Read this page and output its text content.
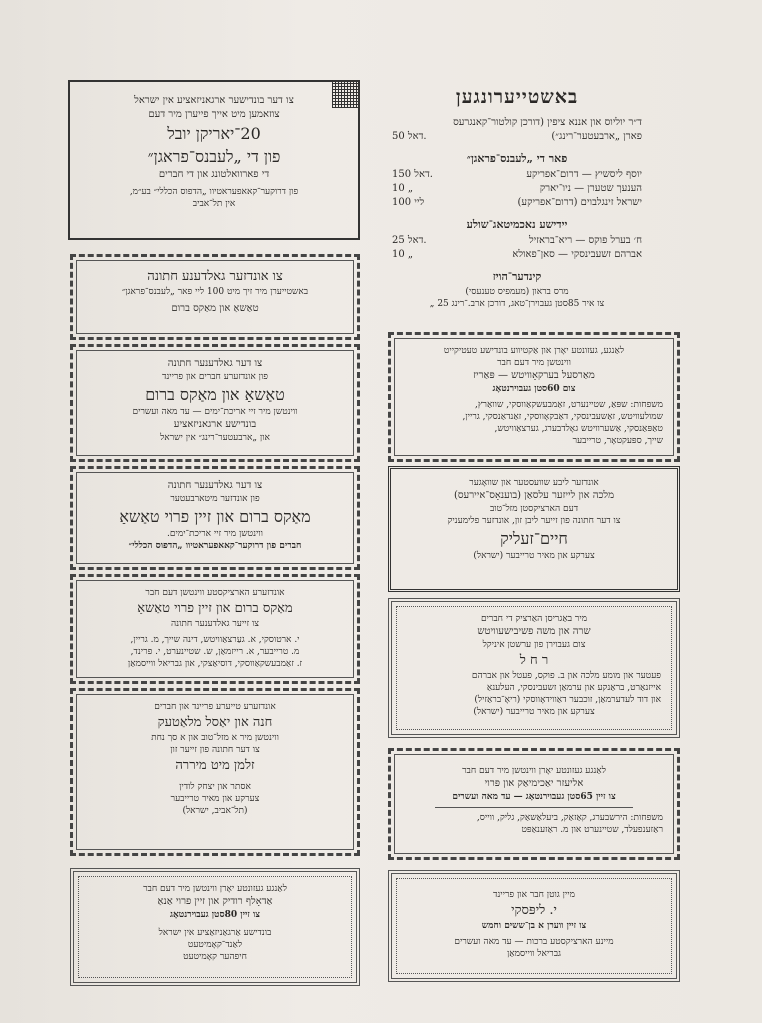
באשטייערונגען
ד״ר יוליוס און אננא ציפין (דורכן קולטור־קאנגרעס
פארן „ארבעטער־רינג״)
50 דאל.
פאר די „לעבנס־פראגן״
יוסף ליסשיץ — דרום־אפריקע
150 דאל.
הענעך שטערן — ניו־יארק
10 „
ישראל זינגלבוים (דרום־אפריקע)
100 ליי
יידישע נאכמיטאג־שולע
ח׳ בערל פוקס — ריא־בראזיל
25 דאל.
אברהם זשעבינסקי — סאן־פאולא
10 „
קינדער־הויז
מרס בראון (מעמפיס טענעסי)
צו איר 85סטן געבוירן־טאג, דורכן ארב.־רינג 25 „
צו דער בונדישער ארגאניזאציע אין ישראל
צוזאמען מיט אייך פייערן מיר דעם
20־יאריקן יובל
פון די „לעבנס־פראגן״
די פארוואלטונג און די חברים
פון דרוקער־קאאפעראטיוו „הדפוס הכללי״ בע״מ,
אין תל־אביב
צו אונדזער גאלדענע חתונה
באשטייערן מיר זיך מיט 100 ליי פאר „לעבנס־פראגן״
טאַשאַ און מאַקס ברום
צו דער גאלדענער חתונה
פון אונדזערע חברים און פריינד
טאַשאַ און מאַקס ברום
ווינטשן מיר זיי אריכת־ימים — עד מאה ועשרים
בונדישע ארגאניזאציע
און „ארבעטער־רינג״ אין ישראל
צו דער גאלדענער חתונה
פון אונדזער מיטארבעטער
מאַקס ברום און זיין פרוי טאַשאַ
ווינטשן מיר זיי אריכת־ימים.
חברים פון דרוקער־קאאפעראטיוו „הדפוס הכללי״
אונדזערע הארציקסטע ווינטשן דעם חבר
מאַקס ברום און זיין פרוי טאַשאַ
צו זייער גאלדענער חתונה
י. ארטוסקי, א. געַרצאַוויטש, דינה שייך, מ. גריין,
מ. טרייבער, א. רייזמאַן, ש. שטיינערט, י. פרינד,
ז. זאַמבעשקאַווסקי, דוסיאַצקי, און גבריאל ווייסמאַן
אונדזערע טייערע פריינד און חברים
חנה און יאַסל מלאַטעק
ווינטשן מיר א מזל־טוב און א סך נחת
צו דער חתונה פון זייער זון
זלמן מיט מיררה
אסתר און יצחק לודין
צערקע און מאיר טרייבער
(תל־אביב, ישראל)
לאַנגע געזונטע יאָרן ווינטשן מיר דעם חבר
אַדאָלף רודיק און זיין פרוי אַנאַ
צו זיין 80סטן געבוירנטאָג
בונדישע אַרגאַניזאַציע אין ישראל
לאַנד־קאָמיטעט
חיפהער קאָמיטעט
לאַנגע, געזונטע יאָרן און אַקטיווע בונדישע טעטיקייט
ווינטשן מיר דעם חבר
מאַרסעל בערקאָוויטש — פּאַריז
צום 60סטן געבוירנטאָג
משפחות: שפּאַ, שטיינערט, זאַמבעשקאַווסקי, שוואַרץ,
שמולעוויטש, זאַשעבינסקי, דאַבקאָווסקי, זאַנדאַנסקי, גריין,
טאַפּאַנסקי, אַשערוויטש גאָלדבערג, גערצאַוויטש,
שייך, ספּעקטאָר, טרייבער
אונדזער ליבע שוועסטער און שוואָגער
מלכה און לייזער עלסאַן (בוענאָס־איירעס)
דעם הארציקסטן מזל־טוב
צו דער חתונה פון זייער ליבן זון, אונדזער פלימעניק
חיים־זעליק
צערקע און מאיר טרייבער (ישראל)
מיר באַגריסן האַרציק די חברים
שרה און משה פשיבישעוויטש
צום געבוירן פון ערשטן איניקל
ר ח ל
פעטער און מומע מלכה און ב. פוקס, פעטל און אברהם
אייזנאַרט, בראַנקע און ערמאַן זשעבינסקי, העלענאַ
און דוד לעדערמאַן, זוכבער דאַווידאָווסקי (ריאָ־בראַזיל)
צערקע און מאיר טרייבער (ישראל)
לאַנגע געזונטע יאָרן ווינטשן מיר דעם חבר
אליעזר יאַכימיאַק און פּרוי
צו זיין 65סטן געבוירנטאָג — עד מאה ועשרים
משפחות: הירשבערג, קאַזאַק, ביעלאַשאַק, גליק, ווייס,
ראַזענפעלד, שטיינערט און מ. ראַזענאַפּט
מיין גוטן חבר און פריינד
י. ליפּסקי
צו זיין ווערן א בן־ששים וחמש
מיינע הארציקסטע ברכות — עד מאה ועשרים
גבריאל ווייסמאַן
